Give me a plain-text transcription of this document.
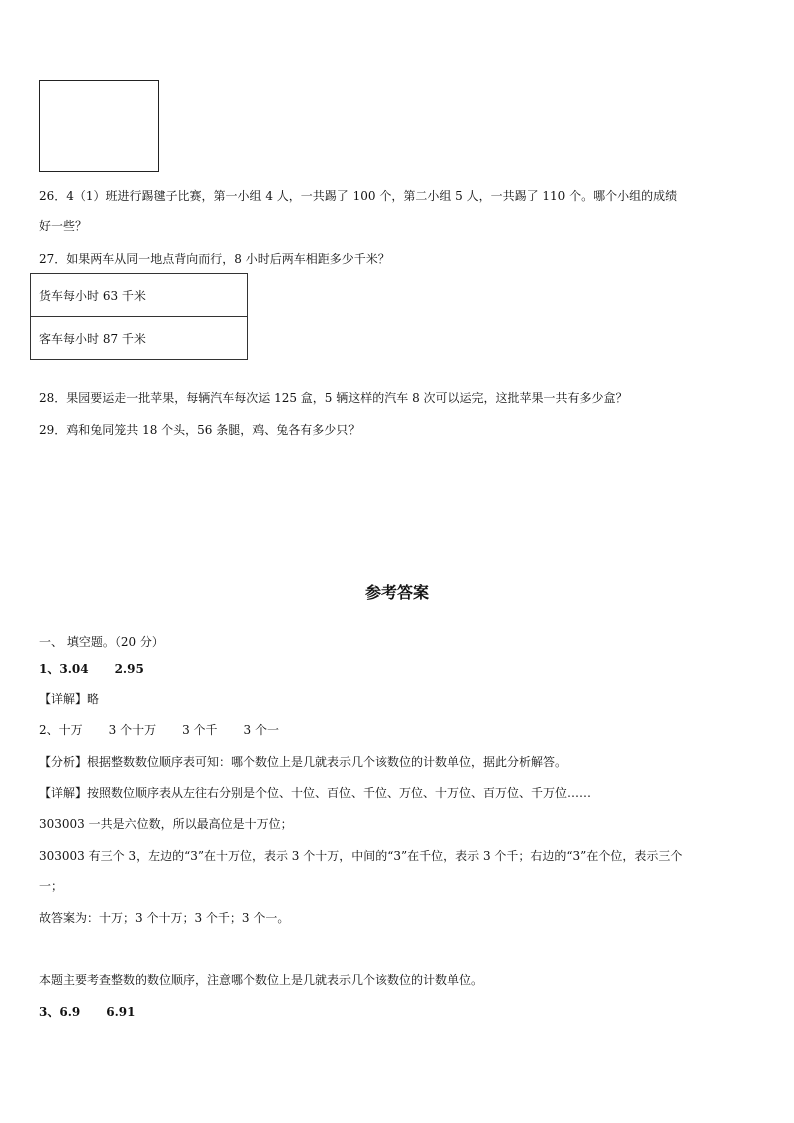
26．4（1）班进行踢毽子比赛，第一小组 4 人，一共踢了 100 个，第二小组 5 人，一共踢了 110 个。哪个小组的成绩
好一些？
27．如果两车从同一地点背向而行，8 小时后两车相距多少千米？
货车每小时 63 千米
客车每小时 87 千米
28．果园要运走一批苹果，每辆汽车每次运 125 盒，5 辆这样的汽车 8 次可以运完，这批苹果一共有多少盒？
29．鸡和兔同笼共 18 个头，56 条腿，鸡、兔各有多少只？
参考答案
一、 填空题。（20 分）
1、3.04 2.95
【详解】略
2、十万 3 个十万 3 个千 3 个一
【分析】根据整数数位顺序表可知：哪个数位上是几就表示几个该数位的计数单位，据此分析解答。
【详解】按照数位顺序表从左往右分别是个位、十位、百位、千位、万位、十万位、百万位、千万位……
303003 一共是六位数，所以最高位是十万位；
303003 有三个 3，左边的“3”在十万位，表示 3 个十万，中间的“3”在千位，表示 3 个千；右边的“3”在个位，表示三个
一；
故答案为：十万；3 个十万；3 个千；3 个一。
本题主要考查整数的数位顺序，注意哪个数位上是几就表示几个该数位的计数单位。
3、6.9 6.91
